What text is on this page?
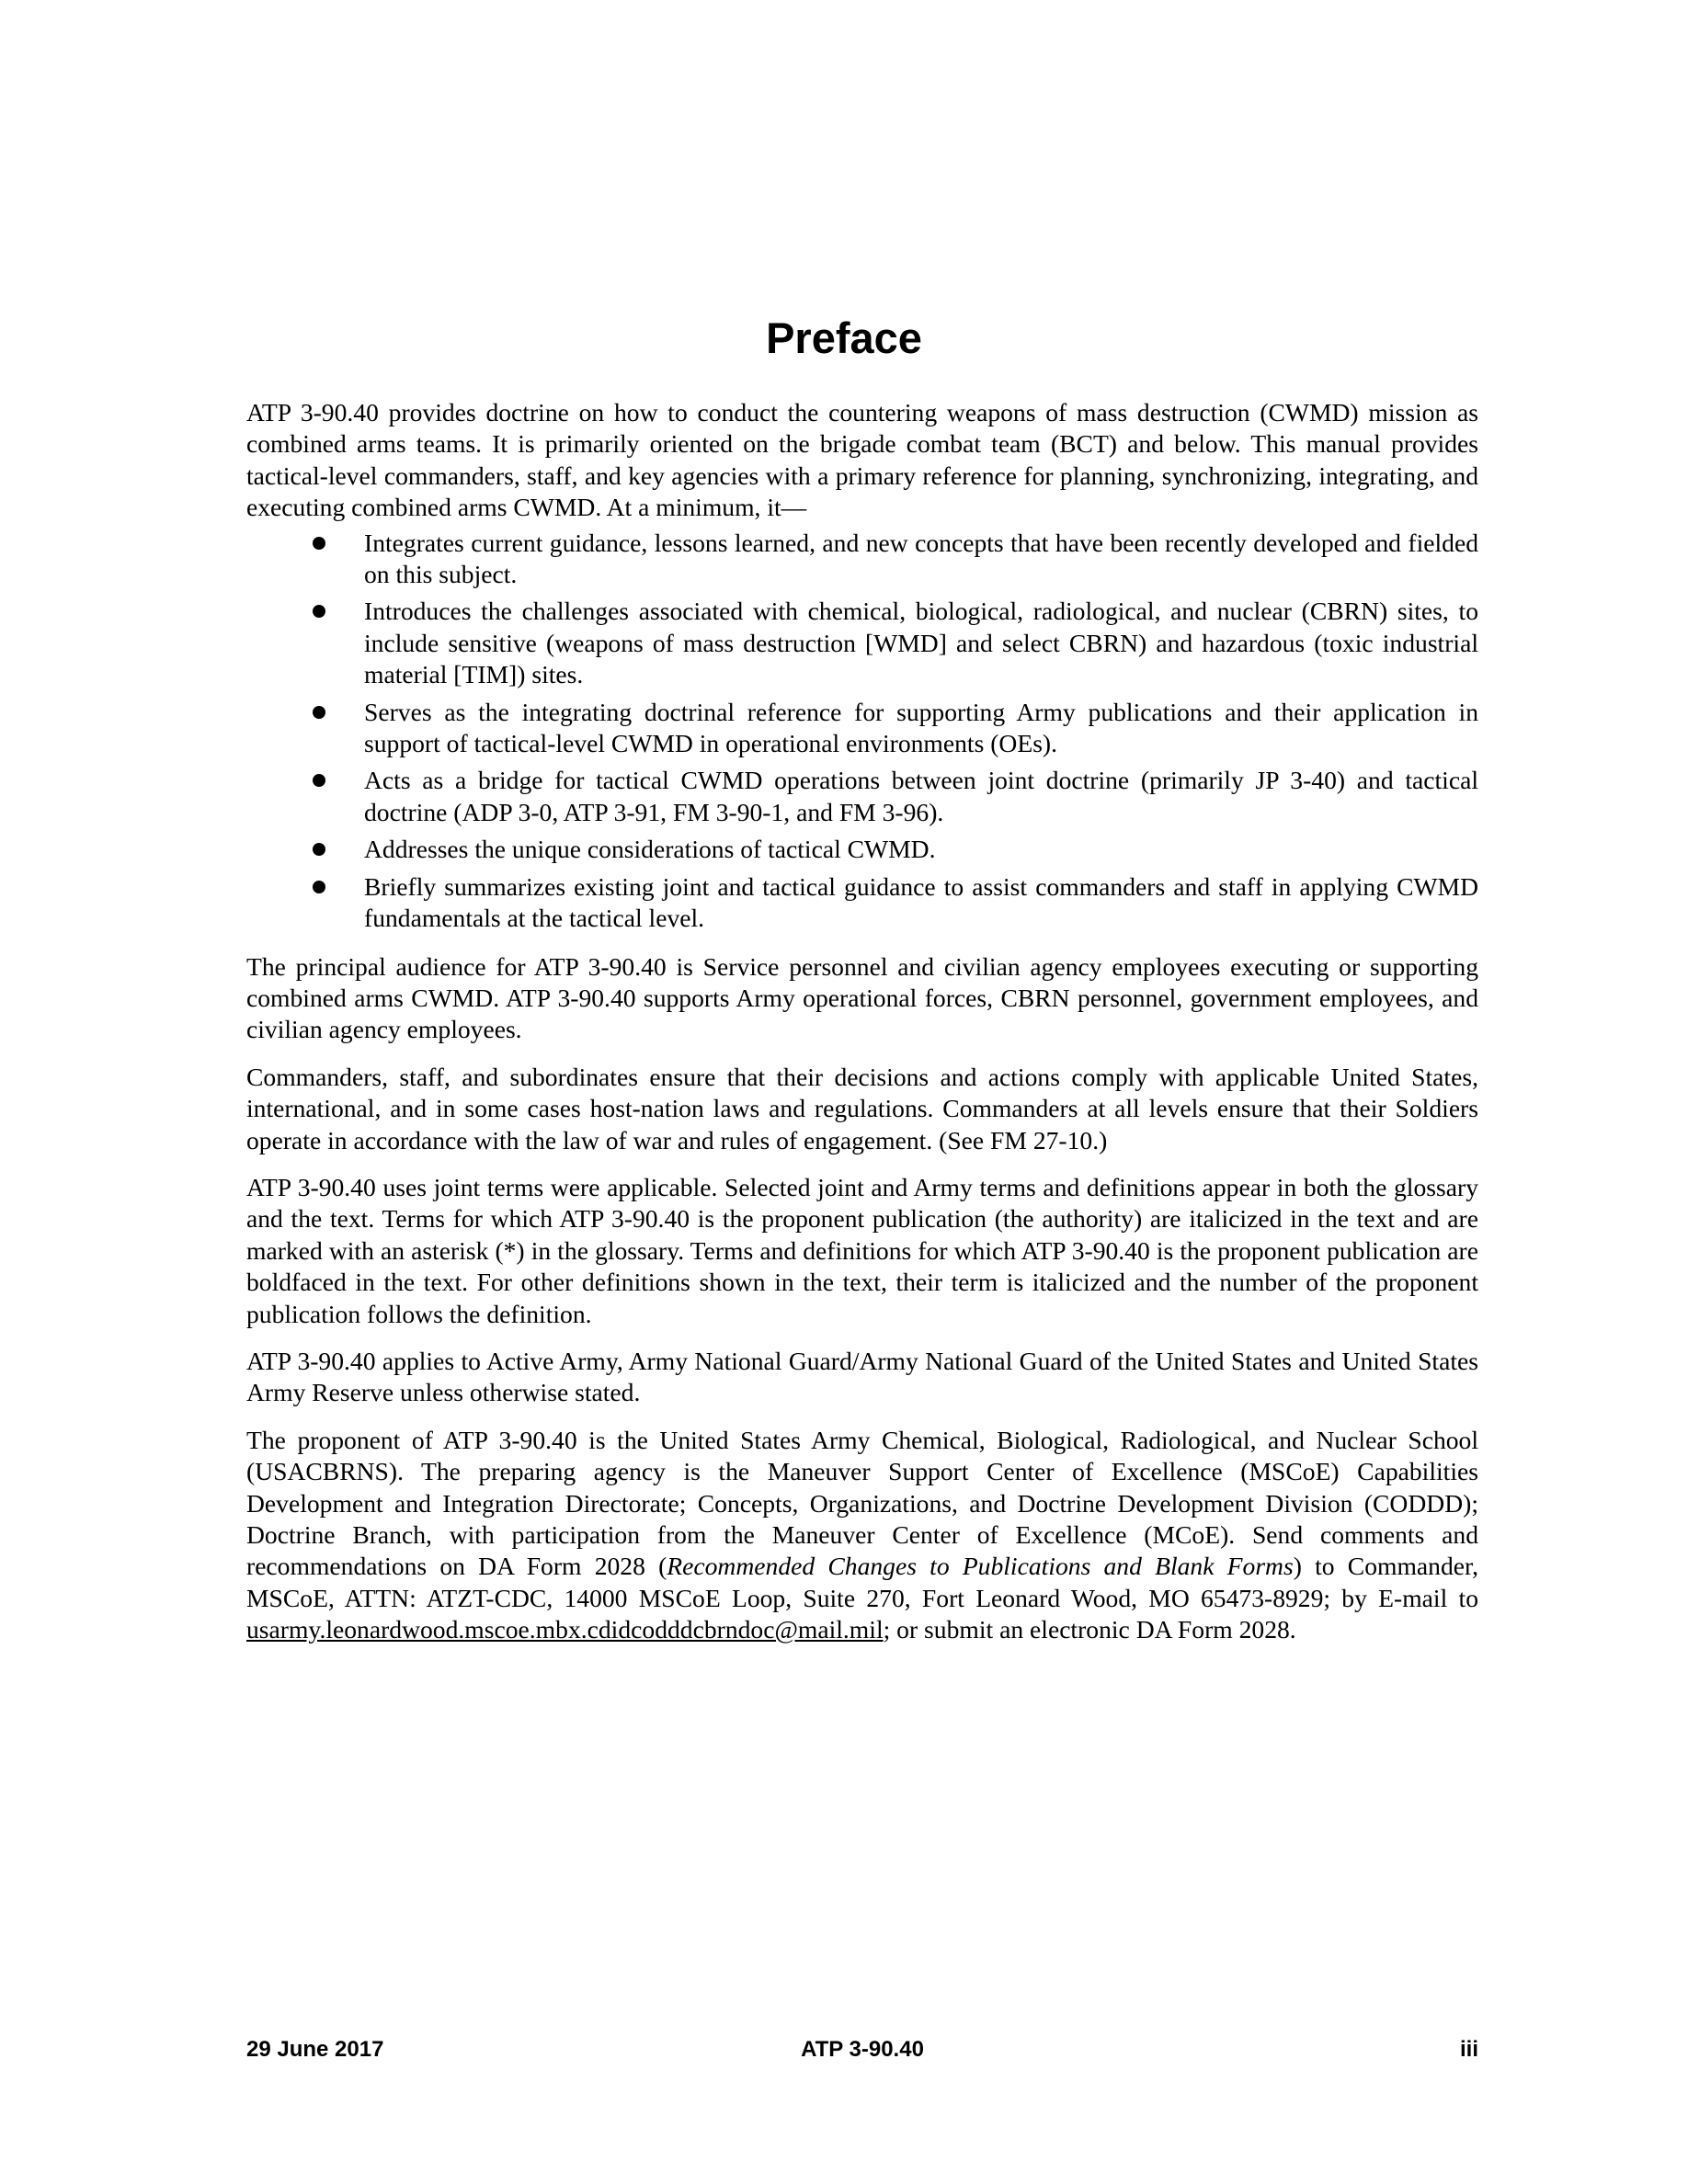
Preface

ATP 3-90.40 provides doctrine on how to conduct the countering weapons of mass destruction (CWMD) mission as combined arms teams. It is primarily oriented on the brigade combat team (BCT) and below. This manual provides tactical-level commanders, staff, and key agencies with a primary reference for planning, synchronizing, integrating, and executing combined arms CWMD. At a minimum, it—

Integrates current guidance, lessons learned, and new concepts that have been recently developed and fielded on this subject.
Introduces the challenges associated with chemical, biological, radiological, and nuclear (CBRN) sites, to include sensitive (weapons of mass destruction [WMD] and select CBRN) and hazardous (toxic industrial material [TIM]) sites.
Serves as the integrating doctrinal reference for supporting Army publications and their application in support of tactical-level CWMD in operational environments (OEs).
Acts as a bridge for tactical CWMD operations between joint doctrine (primarily JP 3-40) and tactical doctrine (ADP 3-0, ATP 3-91, FM 3-90-1, and FM 3-96).
Addresses the unique considerations of tactical CWMD.
Briefly summarizes existing joint and tactical guidance to assist commanders and staff in applying CWMD fundamentals at the tactical level.

The principal audience for ATP 3-90.40 is Service personnel and civilian agency employees executing or supporting combined arms CWMD. ATP 3-90.40 supports Army operational forces, CBRN personnel, government employees, and civilian agency employees.

Commanders, staff, and subordinates ensure that their decisions and actions comply with applicable United States, international, and in some cases host-nation laws and regulations. Commanders at all levels ensure that their Soldiers operate in accordance with the law of war and rules of engagement. (See FM 27-10.)

ATP 3-90.40 uses joint terms were applicable. Selected joint and Army terms and definitions appear in both the glossary and the text. Terms for which ATP 3-90.40 is the proponent publication (the authority) are italicized in the text and are marked with an asterisk (*) in the glossary. Terms and definitions for which ATP 3-90.40 is the proponent publication are boldfaced in the text. For other definitions shown in the text, their term is italicized and the number of the proponent publication follows the definition.

ATP 3-90.40 applies to Active Army, Army National Guard/Army National Guard of the United States and United States Army Reserve unless otherwise stated.

The proponent of ATP 3-90.40 is the United States Army Chemical, Biological, Radiological, and Nuclear School (USACBRNS). The preparing agency is the Maneuver Support Center of Excellence (MSCoE) Capabilities Development and Integration Directorate; Concepts, Organizations, and Doctrine Development Division (CODDD); Doctrine Branch, with participation from the Maneuver Center of Excellence (MCoE). Send comments and recommendations on DA Form 2028 (Recommended Changes to Publications and Blank Forms) to Commander, MSCoE, ATTN: ATZT-CDC, 14000 MSCoE Loop, Suite 270, Fort Leonard Wood, MO 65473-8929; by E-mail to usarmy.leonardwood.mscoe.mbx.cdidcodddcbrndoc@mail.mil; or submit an electronic DA Form 2028.

29 June 2017	ATP 3-90.40	iii
